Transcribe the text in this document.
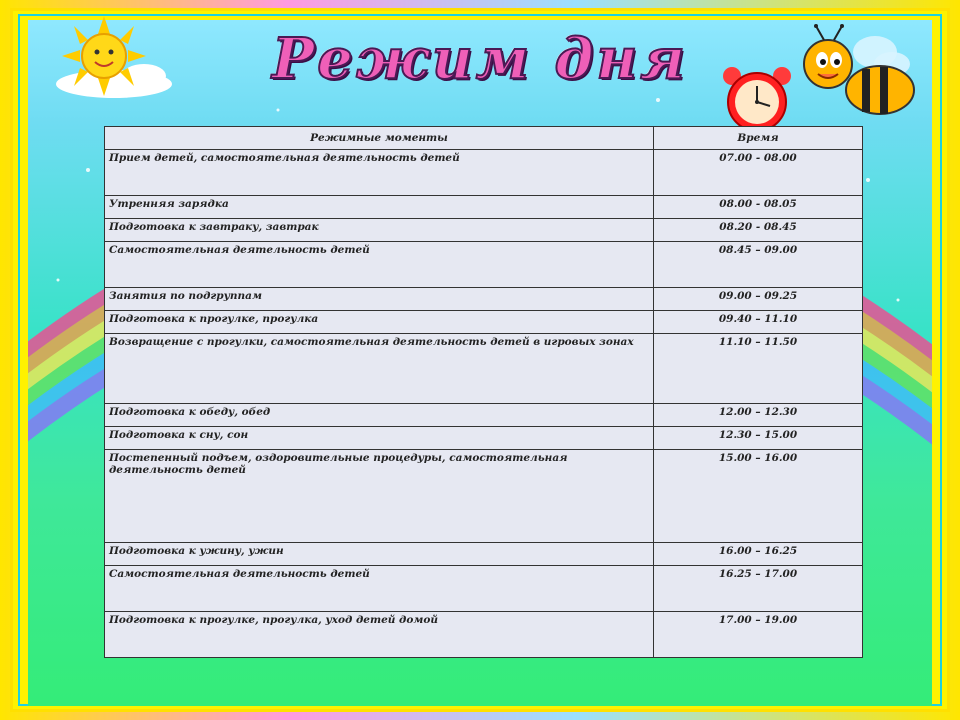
Режим дня
Режимные моменты	Время
Прием детей, самостоятельная деятельность детей	07.00 - 08.00
Утренняя зарядка	08.00 - 08.05
Подготовка к завтраку, завтрак	08.20 - 08.45
Самостоятельная деятельность детей	08.45 – 09.00
Занятия по подгруппам	09.00 – 09.25
Подготовка к прогулке, прогулка	09.40 – 11.10
Возвращение с прогулки, самостоятельная деятельность детей в игровых зонах	11.10 – 11.50
Подготовка к обеду, обед	12.00 – 12.30
Подготовка к сну, сон	12.30 – 15.00
Постепенный подъем, оздоровительные процедуры, самостоятельная деятельность детей	15.00 – 16.00
Подготовка к ужину, ужин	16.00 – 16.25
Самостоятельная деятельность детей	16.25 – 17.00
Подготовка к прогулке, прогулка, уход детей домой	17.00 – 19.00
